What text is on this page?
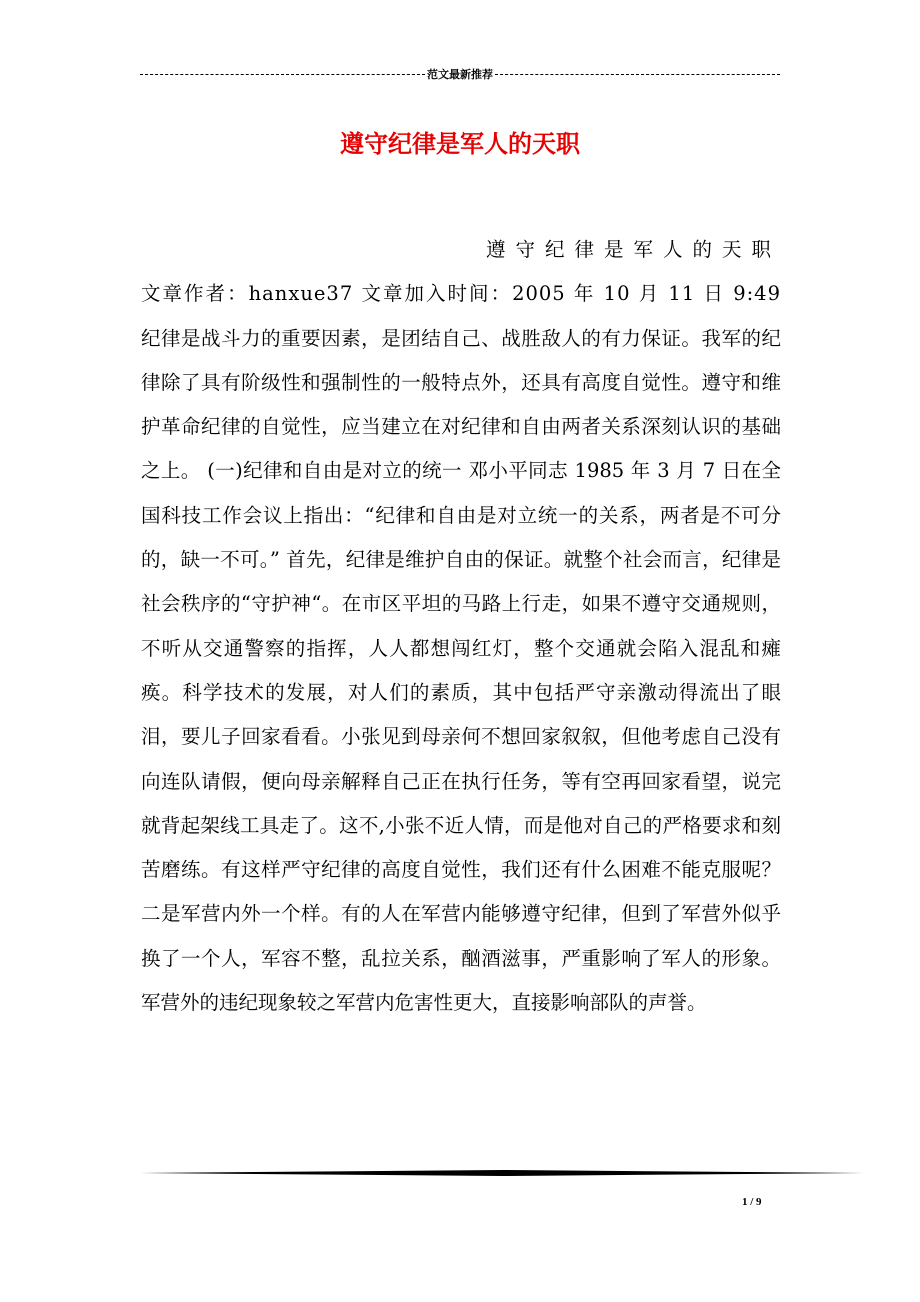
范文最新推荐
遵守纪律是军人的天职

遵守纪律是军人的天职

文章作者：hanxue37 文章加入时间：2005 年 10 月 11 日 9:49

纪律是战斗力的重要因素，是团结自己、战胜敌人的有力保证。我军的纪律除了具有阶级性和强制性的一般特点外，还具有高度自觉性。遵守和维护革命纪律的自觉性，应当建立在对纪律和自由两者关系深刻认识的基础之上。 (一)纪律和自由是对立的统一 邓小平同志 1985 年 3 月 7 日在全国科技工作会议上指出：“纪律和自由是对立统一的关系，两者是不可分的，缺一不可。” 首先，纪律是维护自由的保证。就整个社会而言，纪律是社会秩序的“守护神“。在市区平坦的马路上行走，如果不遵守交通规则，不听从交通警察的指挥，人人都想闯红灯，整个交通就会陷入混乱和瘫痪。科学技术的发展，对人们的素质，其中包括严守亲激动得流出了眼泪，要儿子回家看看。小张见到母亲何不想回家叙叙，但他考虑自己没有向连队请假，便向母亲解释自己正在执行任务，等有空再回家看望，说完就背起架线工具走了。这不,小张不近人情，而是他对自己的严格要求和刻苦磨练。有这样严守纪律的高度自觉性，我们还有什么困难不能克服呢？ 二是军营内外一个样。有的人在军营内能够遵守纪律，但到了军营外似乎换了一个人，军容不整，乱拉关系，酗酒滋事，严重影响了军人的形象。军营外的违纪现象较之军营内危害性更大，直接影响部队的声誉。

1 / 9
